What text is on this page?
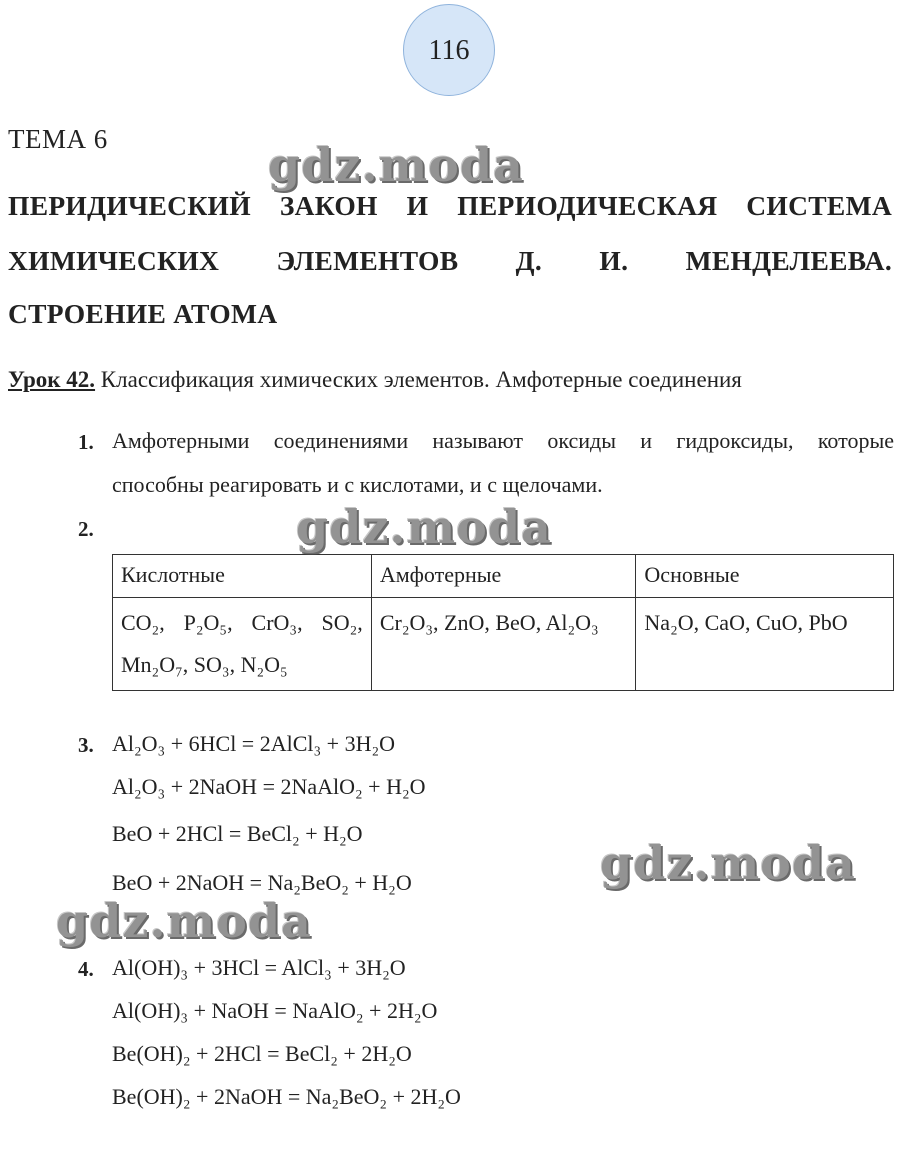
116
ТЕМА 6
ПЕРИДИЧЕСКИЙ ЗАКОН И ПЕРИОДИЧЕСКАЯ СИСТЕМА
ХИМИЧЕСКИХ ЭЛЕМЕНТОВ Д. И. МЕНДЕЛЕЕВА.
СТРОЕНИЕ АТОМА
Урок 42. Классификация химических элементов. Амфотерные соединения
1. Амфотерными соединениями называют оксиды и гидроксиды, которые
способны реагировать и с кислотами, и с щелочами.
2.
Кислотные	Амфотерные	Основные

CO₂, P₂O₅, CrO₃, SO₂,
Mn₂O₇, SO₃, N₂O₅	Cr₂O₃, ZnO, BeO, Al₂O₃	Na₂O, CaO, CuO, PbO
3. Al₂O₃ + 6HCl = 2AlCl₃ + 3H₂O
Al₂O₃ + 2NaOH = 2NaAlO₂ + H₂O
BeO + 2HCl = BeCl₂ + H₂O
BeO + 2NaOH = Na₂BeO₂ + H₂O
4. Al(OH)₃ + 3HCl = AlCl₃ + 3H₂O
Al(OH)₃ + NaOH = NaAlO₂ + 2H₂O
Be(OH)₂ + 2HCl = BeCl₂ + 2H₂O
Be(OH)₂ + 2NaOH = Na₂BeO₂ + 2H₂O
gdz.moda
gdz.moda
gdz.moda
gdz.moda
